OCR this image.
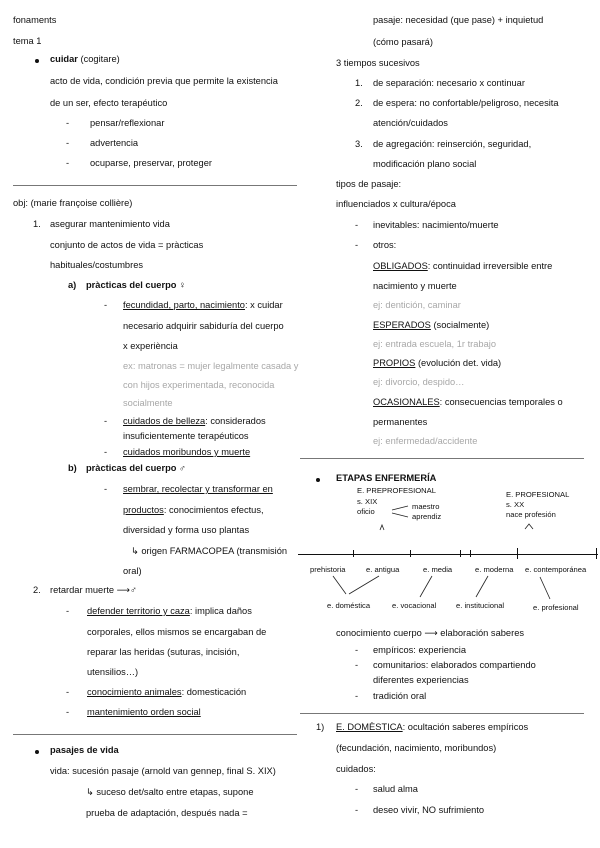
fonaments
tema 1
cuidar (cogitare)
acto de vida, condición previa que permite la existencia
de un ser, efecto terapéutico
- pensar/reflexionar
- advertencia
- ocuparse, preservar, proteger
obj: (marie françoise collière)
1. asegurar mantenimiento vida
conjunto de actos de vida = pràcticas
habituales/costumbres
a) pràcticas del cuerpo ♀
- fecundidad, parto, nacimiento: x cuidar
necesario adquirir sabiduría del cuerpo
x experiència
ex: matronas = mujer legalmente casada y
con hijos experimentada, reconocida
socialmente
- cuidados de belleza: considerados
insuficientemente terapéuticos
- cuidados moribundos y muerte
b) pràcticas del cuerpo ♂
- sembrar, recolectar y transformar en
productos: conocimientos efectus,
diversidad y forma uso plantas
↳ origen FARMACOPEA (transmisión
oral)
2. retardar muerte ⟶♂
- defender territorio y caza: implica daños
corporales, ellos mismos se encargaban de
reparar las heridas (suturas, incisión,
utensilios…)
- conocimiento animales: domesticación
- mantenimiento orden social
pasajes de vida
vida: sucesión pasaje (arnold van gennep, final S. XIX)
↳ suceso det/salto entre etapas, supone
prueba de adaptación, después nada =
pasaje: necesidad (que pase) + inquietud
(cómo pasará)
3 tiempos sucesivos
1. de separación: necesario x continuar
2. de espera: no confortable/peligroso, necesita
atención/cuidados
3. de agregación: reinserción, seguridad,
modificación plano social
tipos de pasaje:
influenciados x cultura/época
- inevitables: nacimiento/muerte
- otros:
OBLIGADOS: continuidad irreversible entre
nacimiento y muerte
ej: dentición, caminar
ESPERADOS (socialmente)
ej: entrada escuela, 1r trabajo
PROPIOS (evolución det. vida)
ej: divorcio, despido…
OCASIONALES: consecuencias temporales o
permanentes
ej: enfermedad/accidente
ETAPAS ENFERMERÍA
E. PREPROFESIONAL
s. XIX
oficio
maestro
aprendiz
E. PROFESIONAL
s. XX
nace profesión
prehistoria	e. antigua	e. media	e. moderna e. contemporánea
e. doméstica	e. vocacional	e. institucional	e. profesional
conocimiento cuerpo ⟶ elaboración saberes
- empíricos: experiencia
- comunitarios: elaborados compartiendo
diferentes experiencias
- tradición oral
1) E. DOMÈSTICA: ocultación saberes empíricos
(fecundación, nacimiento, moribundos)
cuidados:
- salud alma
- deseo vivir, NO sufrimiento
